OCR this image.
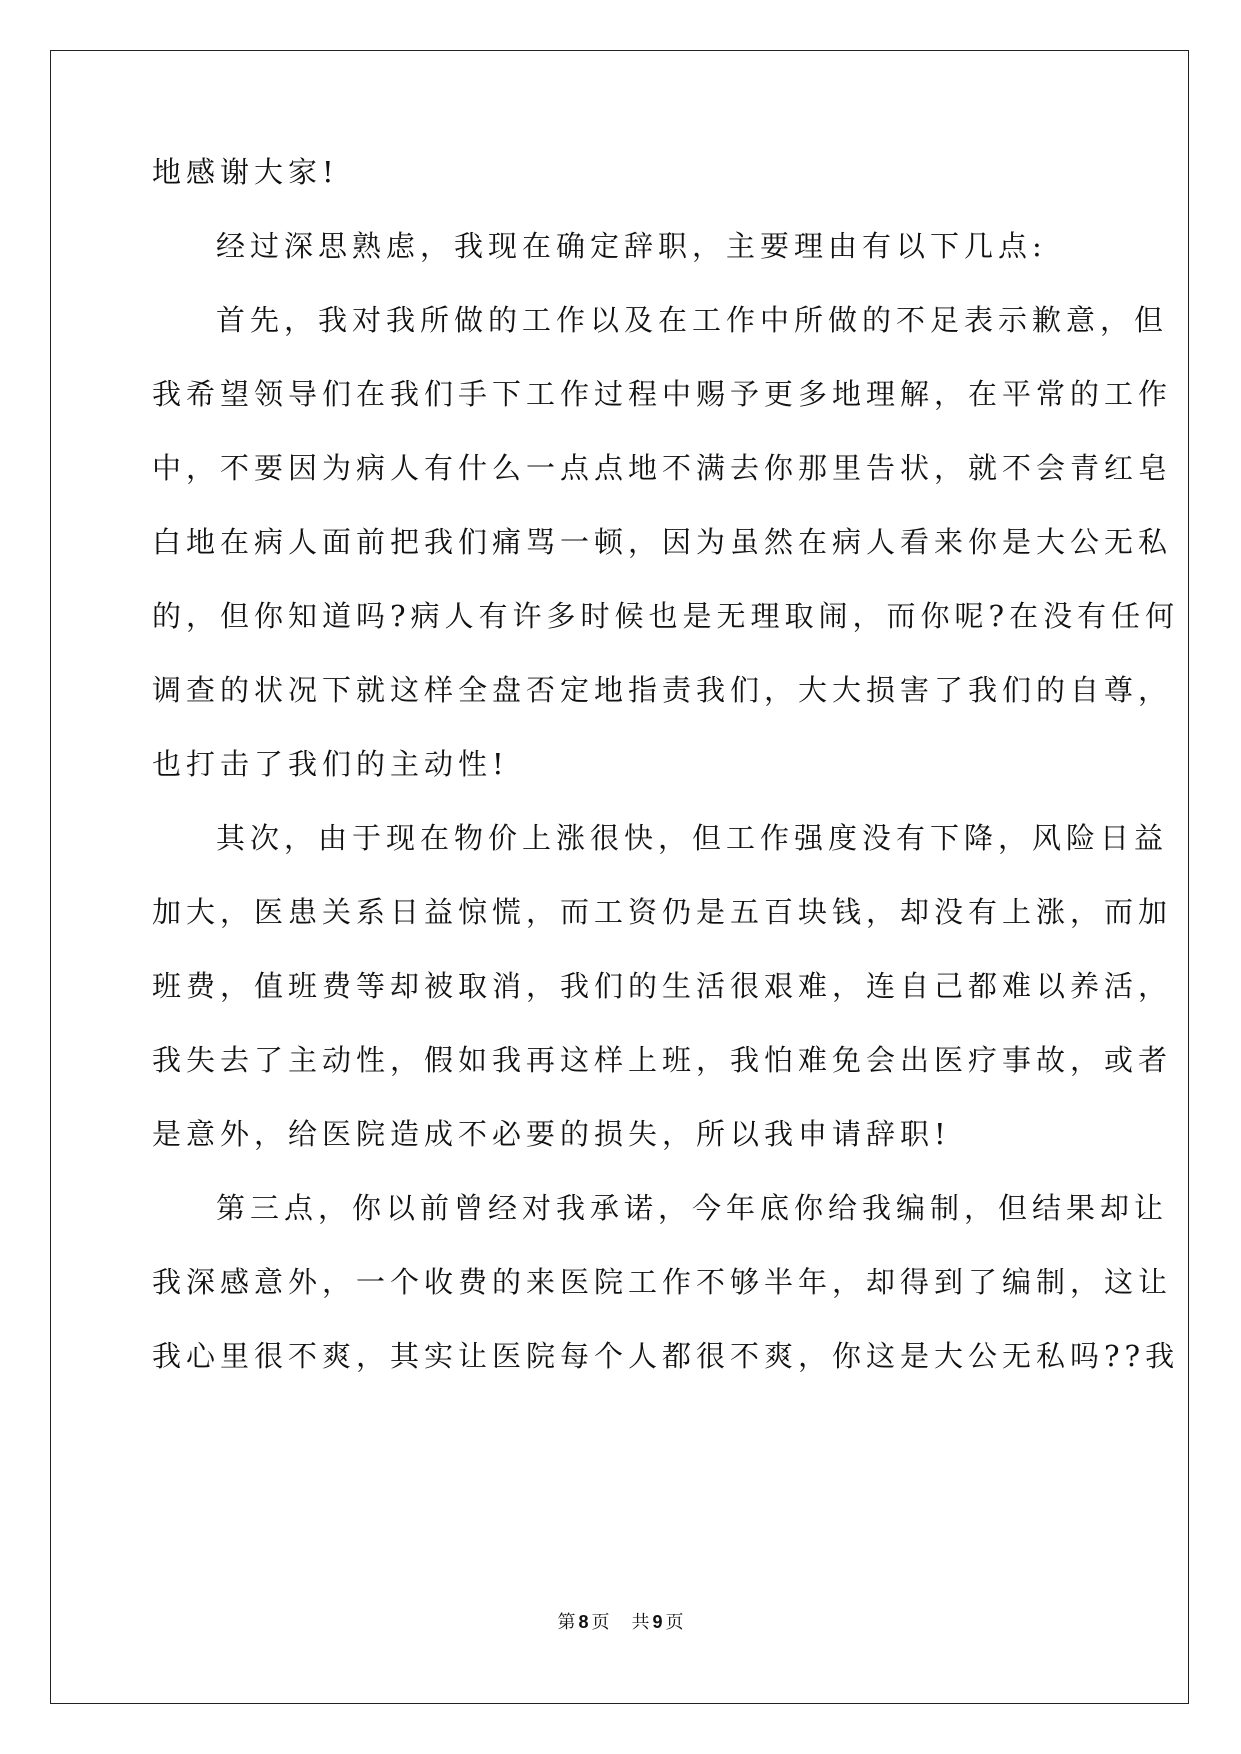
地感谢大家!
经过深思熟虑，我现在确定辞职，主要理由有以下几点:
首先，我对我所做的工作以及在工作中所做的不足表示歉意，但
我希望领导们在我们手下工作过程中赐予更多地理解，在平常的工作
中，不要因为病人有什么一点点地不满去你那里告状，就不会青红皂
白地在病人面前把我们痛骂一顿，因为虽然在病人看来你是大公无私
的，但你知道吗?病人有许多时候也是无理取闹，而你呢?在没有任何
调查的状况下就这样全盘否定地指责我们，大大损害了我们的自尊，
也打击了我们的主动性!
其次，由于现在物价上涨很快，但工作强度没有下降，风险日益
加大，医患关系日益惊慌，而工资仍是五百块钱，却没有上涨，而加
班费，值班费等却被取消，我们的生活很艰难，连自己都难以养活，
我失去了主动性，假如我再这样上班，我怕难免会出医疗事故，或者
是意外，给医院造成不必要的损失，所以我申请辞职!
第三点，你以前曾经对我承诺，今年底你给我编制，但结果却让
我深感意外，一个收费的来医院工作不够半年，却得到了编制，这让
我心里很不爽，其实让医院每个人都很不爽，你这是大公无私吗??我
第 8 页 共 9 页
